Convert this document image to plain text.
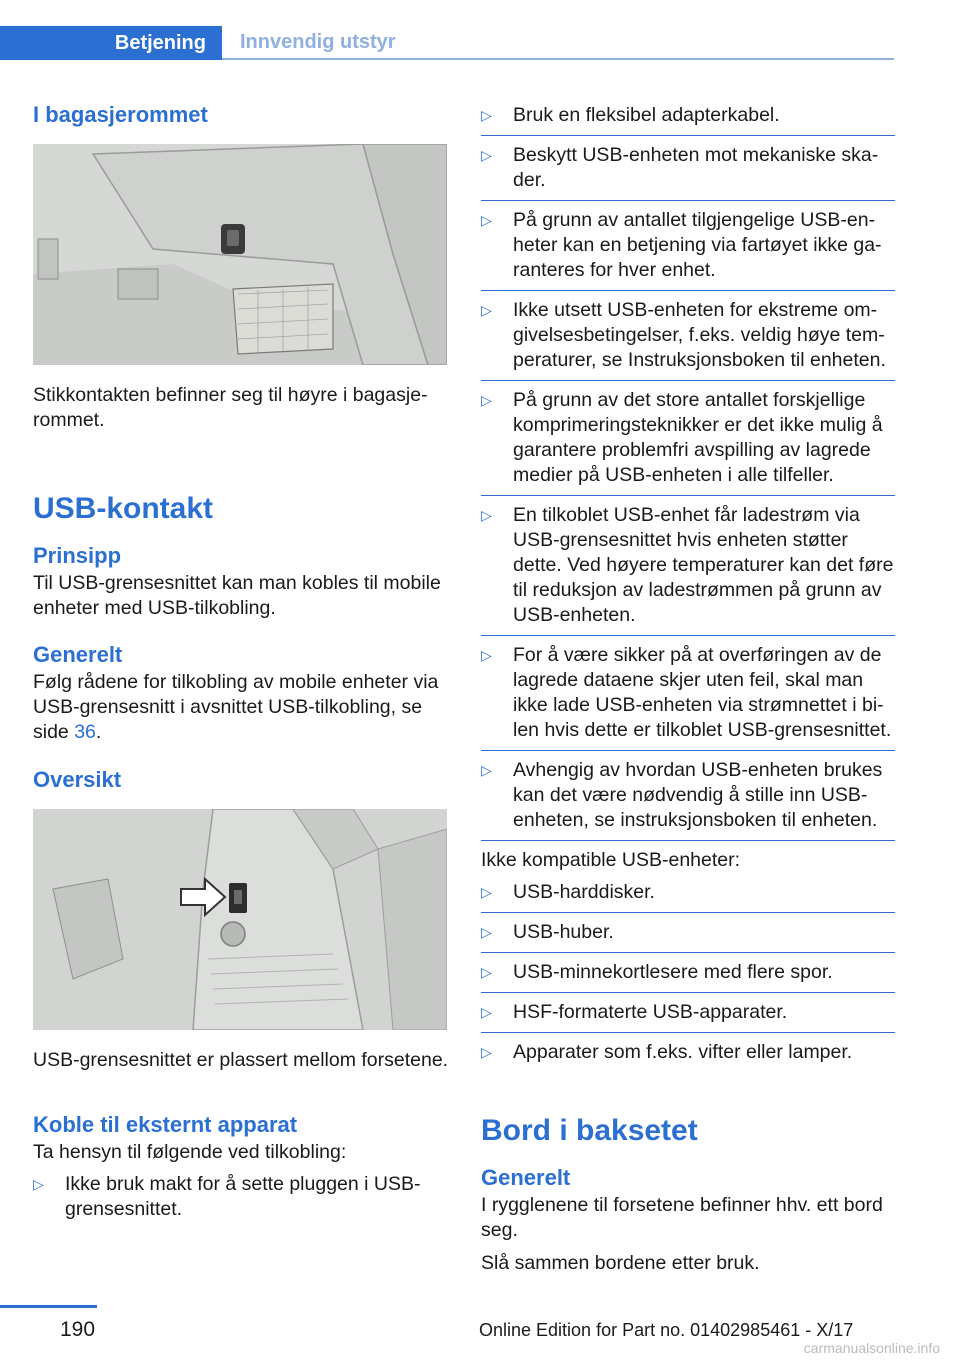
Betjening	Innvendig utstyr
I bagasjerommet

Stikkontakten befinner seg til høyre i bagasjerommet.

USB-kontakt
Prinsipp

Til USB-grensesnittet kan man kobles til mobile enheter med USB-tilkobling.

Generelt

Følg rådene for tilkobling av mobile enheter via USB-grensesnitt i avsnittet USB-tilkobling, se side 36.

Oversikt

USB-grensesnittet er plassert mellom forsetene.

Koble til eksternt apparat

Ta hensyn til følgende ved tilkobling:

▷ Ikke bruk makt for å sette pluggen i USB-grensesnittet.
▷ Bruk en fleksibel adapterkabel.
▷ Beskytt USB-enheten mot mekaniske skader.
▷ På grunn av antallet tilgjengelige USB-enheter kan en betjening via fartøyet ikke garanteres for hver enhet.
▷ Ikke utsett USB-enheten for ekstreme omgivelsesbetingelser, f.eks. veldig høye temperaturer, se Instruksjonsboken til enheten.
▷ På grunn av det store antallet forskjellige komprimeringsteknikker er det ikke mulig å garantere problemfri avspilling av lagrede medier på USB-enheten i alle tilfeller.
▷ En tilkoblet USB-enhet får ladestrøm via USB-grensesnittet hvis enheten støtter dette. Ved høyere temperaturer kan det føre til reduksjon av ladestrømmen på grunn av USB-enheten.
▷ For å være sikker på at overføringen av de lagrede dataene skjer uten feil, skal man ikke lade USB-enheten via strømnettet i bilen hvis dette er tilkoblet USB-grensesnittet.
▷ Avhengig av hvordan USB-enheten brukes kan det være nødvendig å stille inn USB-enheten, se instruksjonsboken til enheten.

Ikke kompatible USB-enheter:

▷ USB-harddisker.
▷ USB-huber.
▷ USB-minnekortlesere med flere spor.
▷ HSF-formaterte USB-apparater.
▷ Apparater som f.eks. vifter eller lamper.
Bord i baksetet
Generelt

I rygglenene til forsetene befinner hhv. ett bord seg.

Slå sammen bordene etter bruk.

190	Online Edition for Part no. 01402985461 - X/17
carmanualsonline.info
